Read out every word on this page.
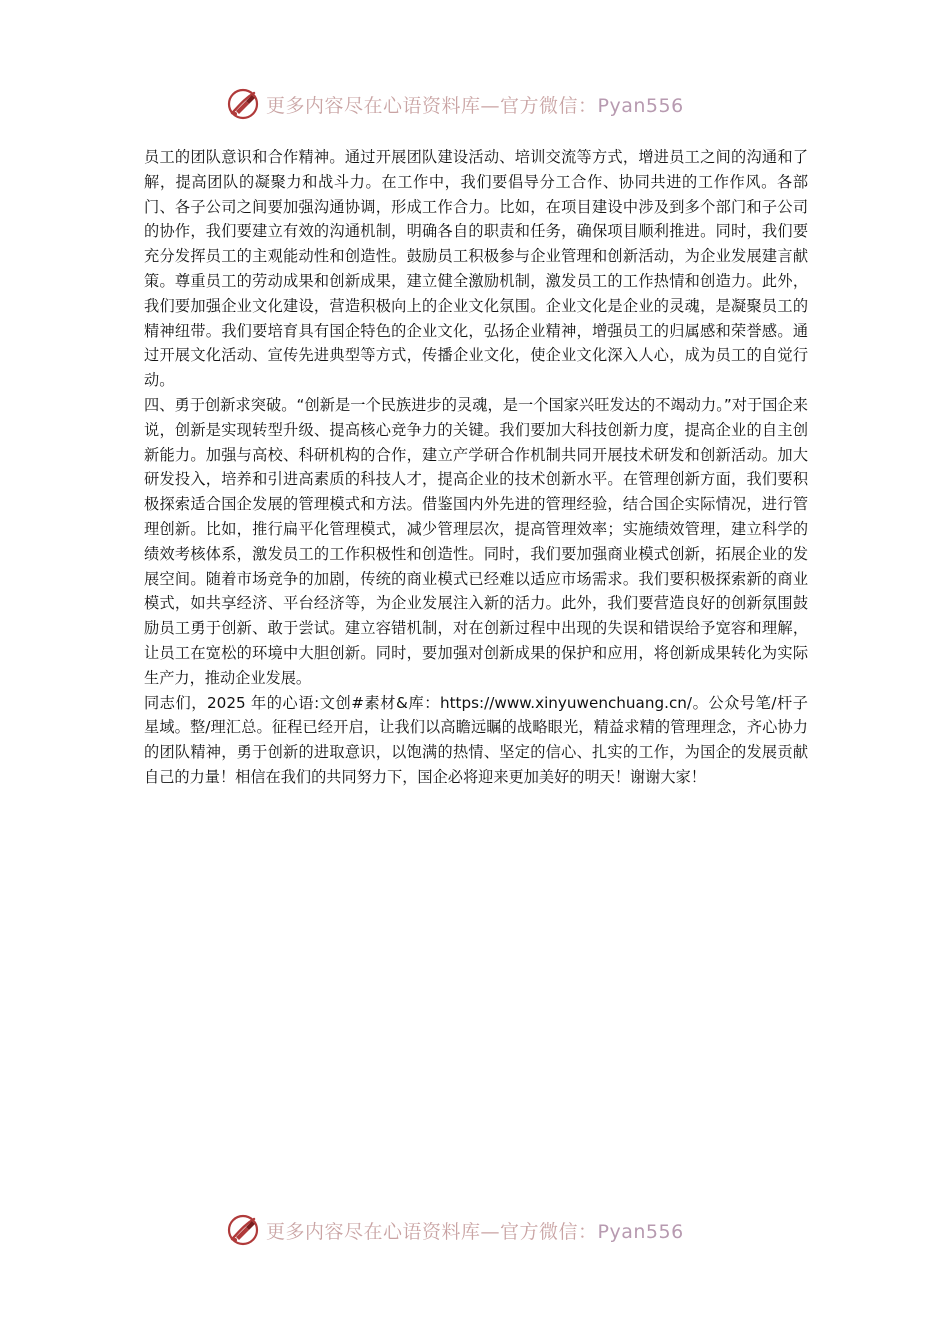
更多内容尽在心语资料库—官方微信：Pyan556

员工的团队意识和合作精神。通过开展团队建设活动、培训交流等方式，增进员工之间的沟通和了解，提高团队的凝聚力和战斗力。在工作中，我们要倡导分工合作、协同共进的工作作风。各部门、各子公司之间要加强沟通协调，形成工作合力。比如，在项目建设中涉及到多个部门和子公司的协作，我们要建立有效的沟通机制，明确各自的职责和任务，确保项目顺利推进。同时，我们要充分发挥员工的主观能动性和创造性。鼓励员工积极参与企业管理和创新活动，为企业发展建言献策。尊重员工的劳动成果和创新成果，建立健全激励机制，激发员工的工作热情和创造力。此外，我们要加强企业文化建设，营造积极向上的企业文化氛围。企业文化是企业的灵魂，是凝聚员工的精神纽带。我们要培育具有国企特色的企业文化，弘扬企业精神，增强员工的归属感和荣誉感。通过开展文化活动、宣传先进典型等方式，传播企业文化，使企业文化深入人心，成为员工的自觉行动。

四、勇于创新求突破。“创新是一个民族进步的灵魂，是一个国家兴旺发达的不竭动力。”对于国企来说，创新是实现转型升级、提高核心竞争力的关键。我们要加大科技创新力度，提高企业的自主创新能力。加强与高校、科研机构的合作，建立产学研合作机制共同开展技术研发和创新活动。加大研发投入，培养和引进高素质的科技人才，提高企业的技术创新水平。在管理创新方面，我们要积极探索适合国企发展的管理模式和方法。借鉴国内外先进的管理经验，结合国企实际情况，进行管理创新。比如，推行扁平化管理模式，减少管理层次，提高管理效率；实施绩效管理，建立科学的绩效考核体系，激发员工的工作积极性和创造性。同时，我们要加强商业模式创新，拓展企业的发展空间。随着市场竞争的加剧，传统的商业模式已经难以适应市场需求。我们要积极探索新的商业模式，如共享经济、平台经济等，为企业发展注入新的活力。此外，我们要营造良好的创新氛围鼓励员工勇于创新、敢于尝试。建立容错机制，对在创新过程中出现的失误和错误给予宽容和理解，让员工在宽松的环境中大胆创新。同时，要加强对创新成果的保护和应用，将创新成果转化为实际生产力，推动企业发展。

同志们，2025 年的心语:文创#素材&库：https://www.xinyuwenchuang.cn/。公众号笔/杆子星域。整/理汇总。征程已经开启，让我们以高瞻远瞩的战略眼光，精益求精的管理理念，齐心协力的团队精神，勇于创新的进取意识，以饱满的热情、坚定的信心、扎实的工作，为国企的发展贡献自己的力量！相信在我们的共同努力下，国企必将迎来更加美好的明天！谢谢大家！

更多内容尽在心语资料库—官方微信：Pyan556
